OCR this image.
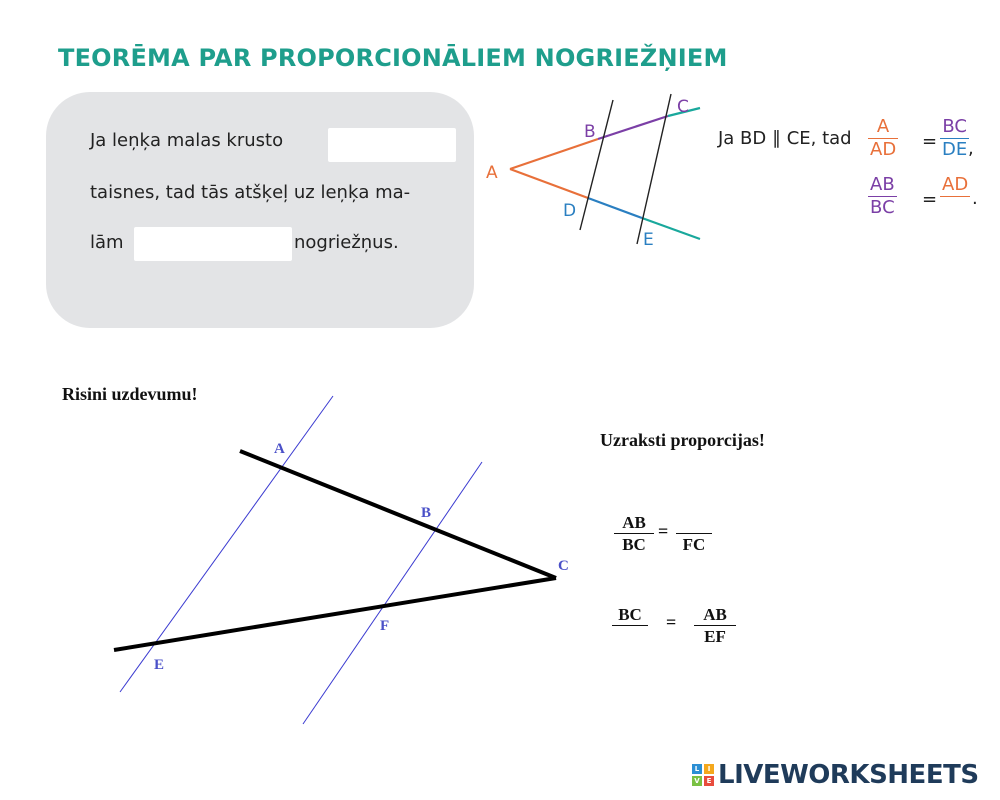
TEORĒMA PAR PROPORCIONĀLIEM NOGRIEŽŅIEM
Ja leņķa malas krusto
taisnes, tad tās atšķeļ uz leņķa ma-
lām	nogriežņus.
A
B
C
D
E
Ja BD ∥ CE, tad $\frac{A}{AD} = \frac{BC}{DE}$
,
$\frac{AB}{BC}$ =
AD
.
Risini uzdevumu!
A
B
C
F
E
Uzraksti proporcijas!
$\frac{AB}{BC}$ =
FC
BC	= $\frac{AB}{EF}$
L	I
V E LIVEWORKSHEETS
